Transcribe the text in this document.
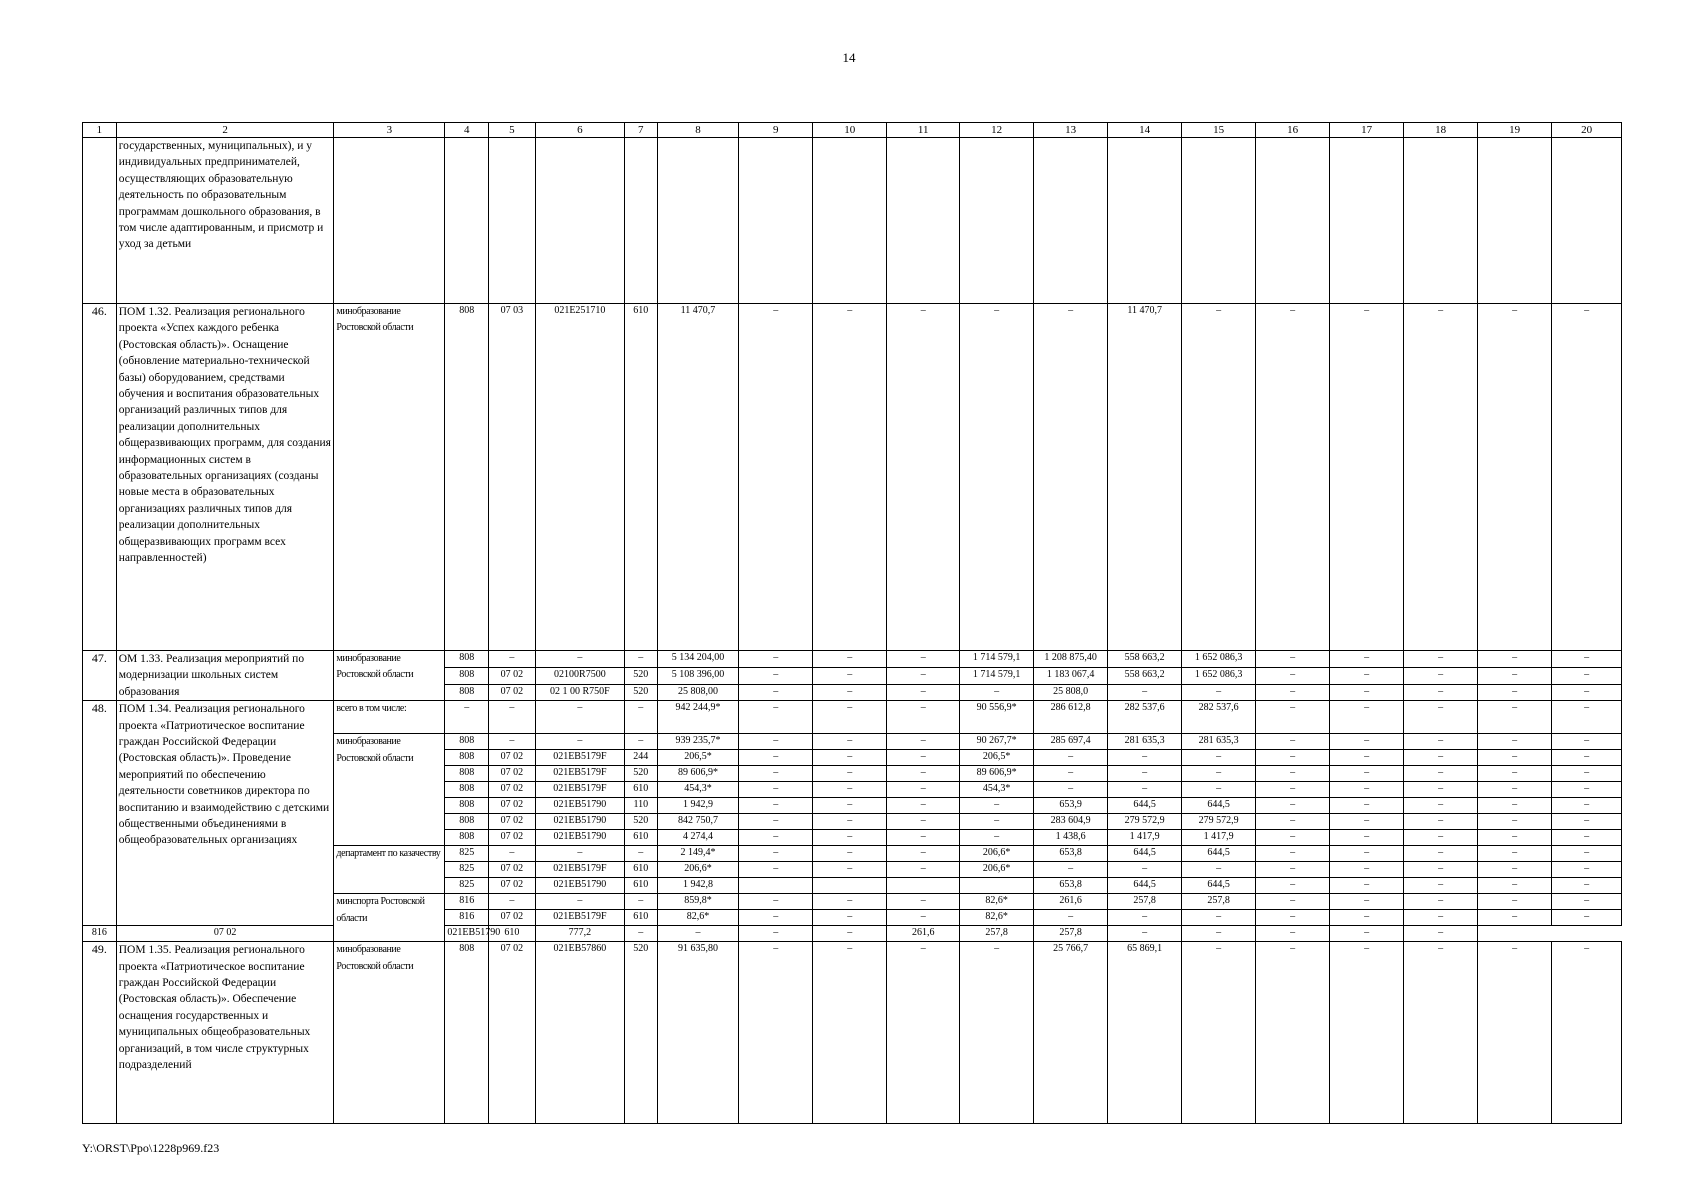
14
1	2	3	4	5	6	7	8	9	10	11	12	13	14	15	16	17	18	19	20
	государственных, муниципальных), и у индивидуальных предпринимателей, осуществляющих образовательную деятельность по образовательным программам дошкольного образования, в том числе адаптированным, и присмотр и уход за детьми																		
46.	ПОМ 1.32. Реализация регионального проекта «Успех каждого ребенка (Ростовская область)». Оснащение (обновление материально-технической базы) оборудованием, средствами обучения и воспитания образовательных организаций различных типов для реализации дополнительных общеразвивающих программ, для создания информационных систем в образовательных организациях (созданы новые места в образовательных организациях различных типов для реализации дополнительных общеразвивающих программ всех направленностей)	минобразование Ростовской области	808	07 03	021E251710	610	11 470,7	–	–	–	–	–	11 470,7	–	–	–	–	–	–
47.	ОМ 1.33. Реализация мероприятий по модернизации школьных систем образования	минобразование Ростовской области	808	–	–	–	5 134 204,00	–	–	–	1 714 579,1	1 208 875,40	558 663,2	1 652 086,3	–	–	–	–	–
			808	07 02	02100R7500	520	5 108 396,00	–	–	–	1 714 579,1	1 183 067,4	558 663,2	1 652 086,3	–	–	–	–	–
			808	07 02	02 1 00 R750F	520	25 808,00	–	–	–	–	25 808,0	–	–	–	–	–	–	–
48.	ПОМ 1.34. Реализация регионального проекта «Патриотическое воспитание граждан Российской Федерации (Ростовская область)». Проведение мероприятий по обеспечению деятельности советников директора по воспитанию и взаимодействию с детскими общественными объединениями в общеобразовательных организациях	всего в том числе:	–	–	–	–	942 244,9*	–	–	–	90 556,9*	286 612,8	282 537,6	282 537,6	–	–	–	–	–
		минобразование Ростовской области	808	–	–	–	939 235,7*	–	–	–	90 267,7*	285 697,4	281 635,3	281 635,3	–	–	–	–	–
			808	07 02	021EB5179F	244	206,5*	–	–	–	206,5*	–	–	–	–	–	–	–	–
			808	07 02	021EB5179F	520	89 606,9*	–	–	–	89 606,9*	–	–	–	–	–	–	–	–
			808	07 02	021EB5179F	610	454,3*	–	–	–	454,3*	–	–	–	–	–	–	–	–
			808	07 02	021EB51790	110	1 942,9	–	–	–	–	653,9	644,5	644,5	–	–	–	–	–
			808	07 02	021EB51790	520	842 750,7	–	–	–	–	283 604,9	279 572,9	279 572,9	–	–	–	–	–
			808	07 02	021EB51790	610	4 274,4	–	–	–	–	1 438,6	1 417,9	1 417,9	–	–	–	–	–
		департамент по казачеству	825	–	–	–	2 149,4*	–	–	–	206,6*	653,8	644,5	644,5	–	–	–	–	–
			825	07 02	021EB5179F	610	206,6*	–	–	–	206,6*	–	–	–	–	–	–	–	–
			825	07 02	021EB51790	610	1 942,8					653,8	644,5	644,5	–	–	–	–	–
		минспорта Ростовской области	816	–	–	–	859,8*	–	–	–	82,6*	261,6	257,8	257,8	–	–	–	–	–
			816	07 02	021EB5179F	610	82,6*	–	–	–	82,6*	–	–	–	–	–	–	–	–
816	07 02		021EB51790	610	777,2	–	–	–	–	261,6	257,8	257,8	–	–	–	–	–		
49.	ПОМ 1.35. Реализация регионального проекта «Патриотическое воспитание граждан Российской Федерации (Ростовская область)». Обеспечение оснащения государственных и муниципальных общеобразовательных организаций, в том числе структурных подразделений	минобразование Ростовской области	808	07 02	021EB57860	520	91 635,80	–	–	–	–	25 766,7	65 869,1	–	–	–	–	–	–
Y:\ORST\Ppo\1228p969.f23
